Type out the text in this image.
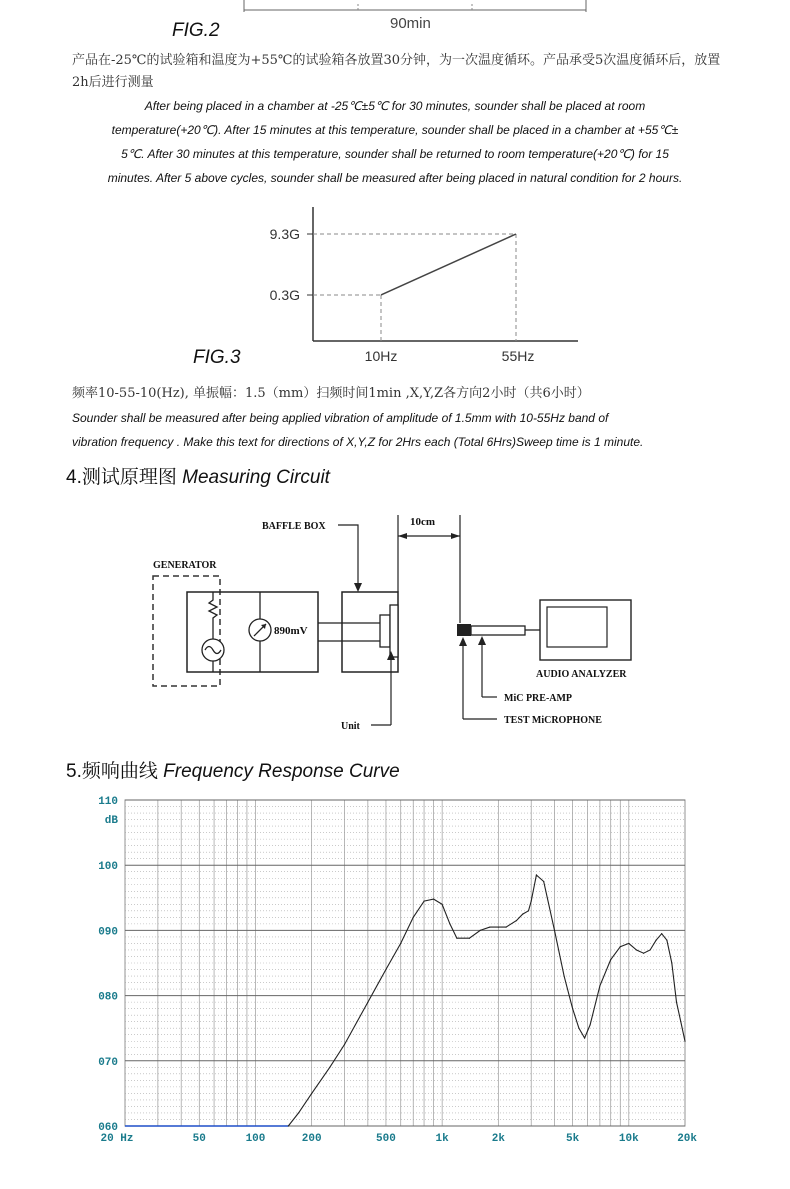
FIG.2	90min
产品在-25℃的试验箱和温度为+55℃的试验箱各放置30分钟，为一次温度循环。产品承受5次温度循环后，放置2h后进行测量
After being placed in a chamber at -25℃±5℃ for 30 minutes, sounder shall be placed at room
temperature(+20℃). After 15 minutes at this temperature, sounder shall be placed in a chamber at +55℃±
5℃. After 30 minutes at this temperature, sounder shall be returned to room temperature(+20℃) for 15
minutes. After 5 above cycles, sounder shall be measured after being placed in natural condition for 2 hours.
9.3G
0.3G
10Hz	55Hz
FIG.3
频率10-55-10(Hz), 单振幅：1.5（mm）扫频时间1min ,X,Y,Z各方向2小时（共6小时）
Sounder shall be measured after being applied vibration of amplitude of 1.5mm with 10-55Hz band of
vibration frequency . Make this text for directions of X,Y,Z for 2Hrs each (Total 6Hrs)Sweep time is 1 minute.
4.测试原理图 Measuring Circuit
890mV
BAFFLE BOX	10cm
GENERATOR
AUDIO ANALYZER
MiC PRE-AMP
TEST MiCROPHONE
Unit
5.频响曲线 Frequency Response Curve
110
100
090
080
070
060
20 Hz	50	100	200	500	1k	2k	5k	10k	20k
dB
